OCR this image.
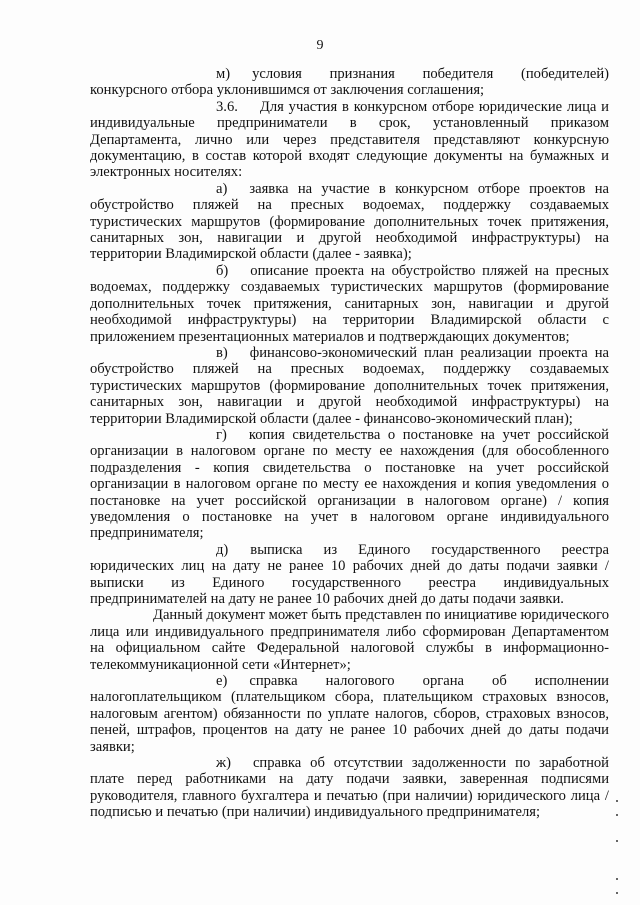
9

м) условия признания победителя (победителей) конкурсного отбора уклонившимся от заключения соглашения;

3.6. Для участия в конкурсном отборе юридические лица и индивидуальные предприниматели в срок, установленный приказом Департамента, лично или через представителя представляют конкурсную документацию, в состав которой входят следующие документы на бумажных и электронных носителях:

а) заявка на участие в конкурсном отборе проектов на обустройство пляжей на пресных водоемах, поддержку создаваемых туристических маршрутов (формирование дополнительных точек притяжения, санитарных зон, навигации и другой необходимой инфраструктуры) на территории Владимирской области (далее - заявка);

б) описание проекта на обустройство пляжей на пресных водоемах, поддержку создаваемых туристических маршрутов (формирование дополнительных точек притяжения, санитарных зон, навигации и другой необходимой инфраструктуры) на территории Владимирской области с приложением презентационных материалов и подтверждающих документов;

в) финансово-экономический план реализации проекта на обустройство пляжей на пресных водоемах, поддержку создаваемых туристических маршрутов (формирование дополнительных точек притяжения, санитарных зон, навигации и другой необходимой инфраструктуры) на территории Владимирской области (далее - финансово-экономический план);

г) копия свидетельства о постановке на учет российской организации в налоговом органе по месту ее нахождения (для обособленного подразделения - копия свидетельства о постановке на учет российской организации в налоговом органе по месту ее нахождения и копия уведомления о постановке на учет российской организации в налоговом органе) / копия уведомления о постановке на учет в налоговом органе индивидуального предпринимателя;

д) выписка из Единого государственного реестра юридических лиц на дату не ранее 10 рабочих дней до даты подачи заявки / выписки из Единого государственного реестра индивидуальных предпринимателей на дату не ранее 10 рабочих дней до даты подачи заявки.

Данный документ может быть представлен по инициативе юридического лица или индивидуального предпринимателя либо сформирован Департаментом на официальном сайте Федеральной налоговой службы в информационно-телекоммуникационной сети «Интернет»;

е) справка налогового органа об исполнении налогоплательщиком (плательщиком сбора, плательщиком страховых взносов, налоговым агентом) обязанности по уплате налогов, сборов, страховых взносов, пеней, штрафов, процентов на дату не ранее 10 рабочих дней до даты подачи заявки;

ж) справка об отсутствии задолженности по заработной плате перед работниками на дату подачи заявки, заверенная подписями руководителя, главного бухгалтера и печатью (при наличии) юридического лица / подписью и печатью (при наличии) индивидуального предпринимателя;
